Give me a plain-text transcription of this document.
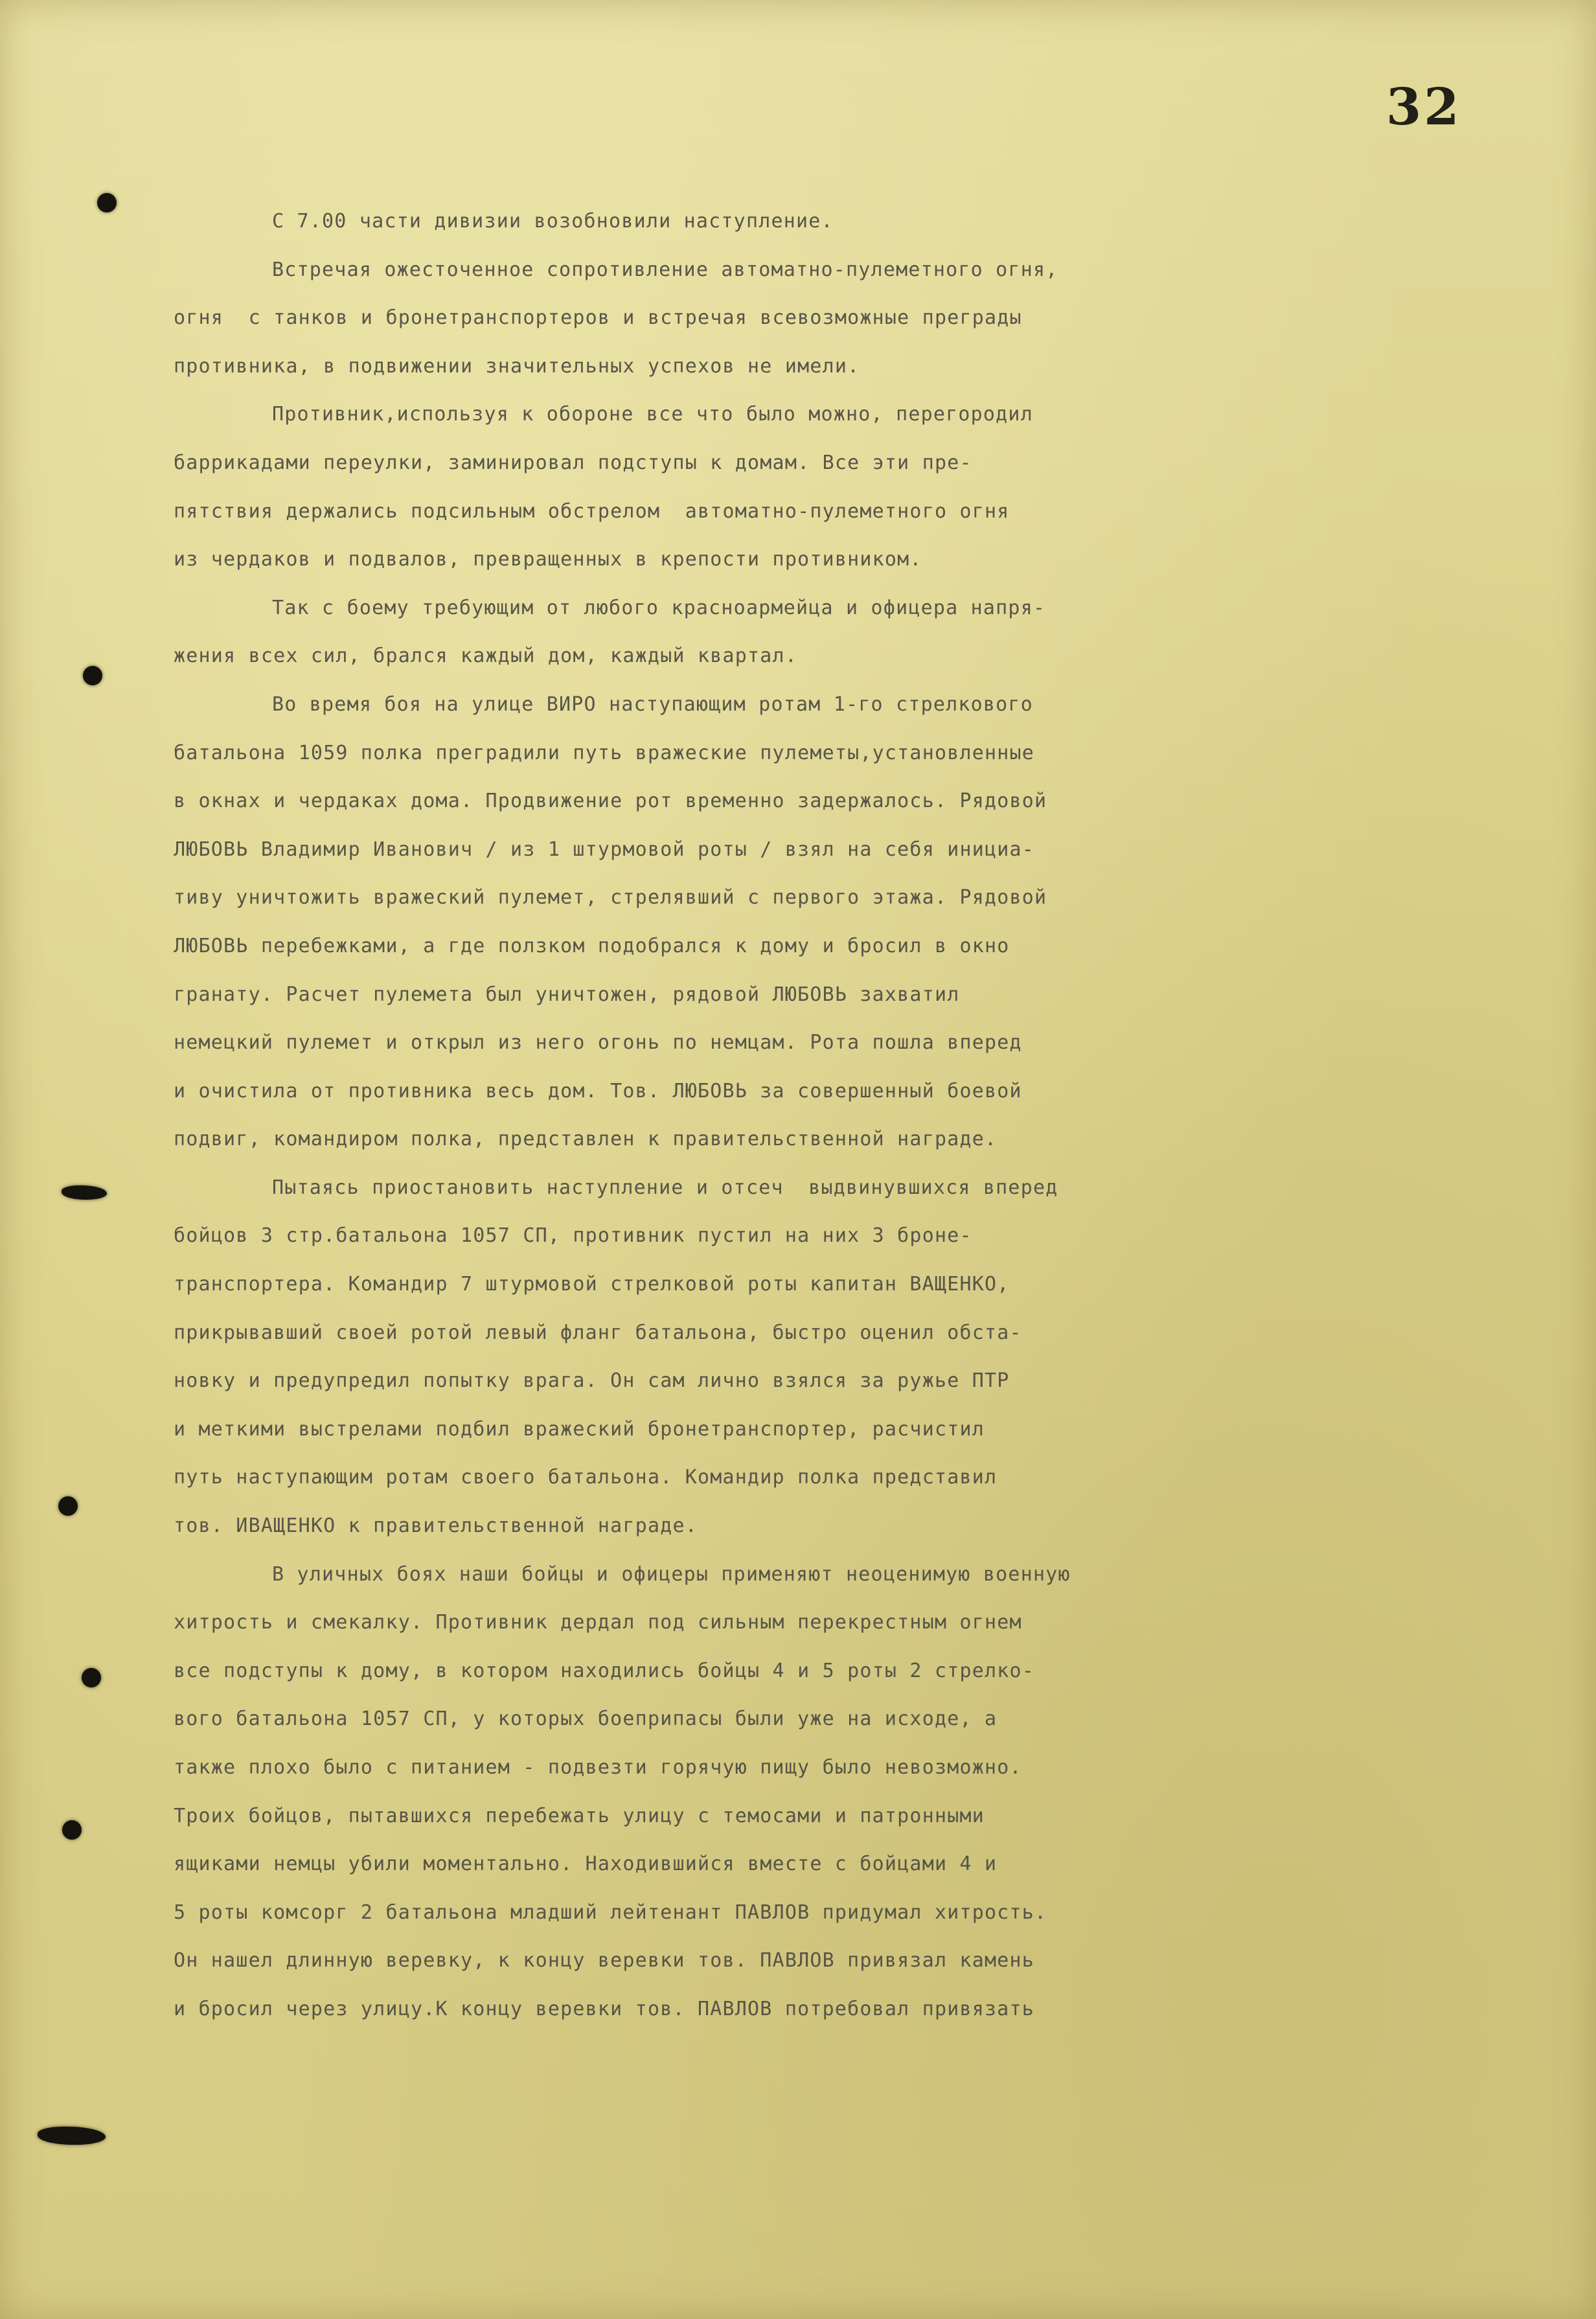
32
С 7.00 части дивизии возобновили наступление.
Встречая ожесточенное сопротивление автоматно-пулеметного огня,
огня  с танков и бронетранспортеров и встречая всевозможные преграды
противника, в подвижении значительных успехов не имели.
Противник,используя к обороне все что было можно, перегородил
баррикадами переулки, заминировал подступы к домам. Все эти пре-
пятствия держались подсильным обстрелом  автоматно-пулеметного огня
из чердаков и подвалов, превращенных в крепости противником.
Так с боему требующим от любого красноармейца и офицера напря-
жения всех сил, брался каждый дом, каждый квартал.
Во время боя на улице ВИРО наступающим ротам 1-го стрелкового
батальона 1059 полка преградили путь вражеские пулеметы,установленные
в окнах и чердаках дома. Продвижение рот временно задержалось. Рядовой
ЛЮБОВЬ Владимир Иванович / из 1 штурмовой роты / взял на себя инициа-
тиву уничтожить вражеский пулемет, стрелявший с первого этажа. Рядовой
ЛЮБОВЬ перебежками, а где ползком подобрался к дому и бросил в окно
гранату. Расчет пулемета был уничтожен, рядовой ЛЮБОВЬ захватил
немецкий пулемет и открыл из него огонь по немцам. Рота пошла вперед
и очистила от противника весь дом. Тов. ЛЮБОВЬ за совершенный боевой
подвиг, командиром полка, представлен к правительственной награде.
Пытаясь приостановить наступление и отсеч  выдвинувшихся вперед
бойцов 3 стр.батальона 1057 СП, противник пустил на них 3 броне-
транспортера. Командир 7 штурмовой стрелковой роты капитан ВАЩЕНКО,
прикрывавший своей ротой левый фланг батальона, быстро оценил обста-
новку и предупредил попытку врага. Он сам лично взялся за ружье ПТР
и меткими выстрелами подбил вражеский бронетранспортер, расчистил
путь наступающим ротам своего батальона. Командир полка представил
тов. ИВАЩЕНКО к правительственной награде.
В уличных боях наши бойцы и офицеры применяют неоценимую военную
хитрость и смекалку. Противник дердал под сильным перекрестным огнем
все подступы к дому, в котором находились бойцы 4 и 5 роты 2 стрелко-
вого батальона 1057 СП, у которых боеприпасы были уже на исходе, а
также плохо было с питанием - подвезти горячую пищу было невозможно.
Троих бойцов, пытавшихся перебежать улицу с темосами и патронными
ящиками немцы убили моментально. Находившийся вместе с бойцами 4 и
5 роты комсорг 2 батальона младший лейтенант ПАВЛОВ придумал хитрость.
Он нашел длинную веревку, к концу веревки тов. ПАВЛОВ привязал камень
и бросил через улицу.К концу веревки тов. ПАВЛОВ потребовал привязать
